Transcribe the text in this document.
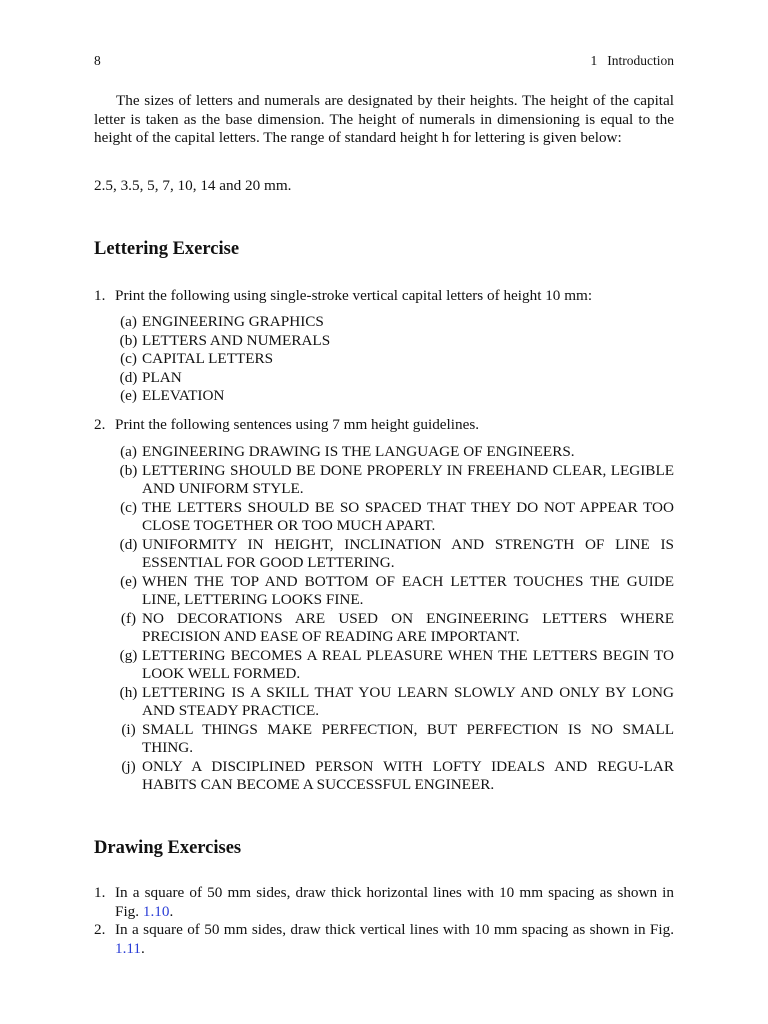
8	1 Introduction
The sizes of letters and numerals are designated by their heights. The height of the capital letter is taken as the base dimension. The height of numerals in dimensioning is equal to the height of the capital letters. The range of standard height h for lettering is given below:
2.5, 3.5, 5, 7, 10, 14 and 20 mm.
Lettering Exercise
1. Print the following using single-stroke vertical capital letters of height 10 mm:
(a) ENGINEERING GRAPHICS
(b) LETTERS AND NUMERALS
(c) CAPITAL LETTERS
(d) PLAN
(e) ELEVATION
2. Print the following sentences using 7 mm height guidelines.
(a) ENGINEERING DRAWING IS THE LANGUAGE OF ENGINEERS.
(b) LETTERING SHOULD BE DONE PROPERLY IN FREEHAND CLEAR, LEGIBLE AND UNIFORM STYLE.
(c) THE LETTERS SHOULD BE SO SPACED THAT THEY DO NOT APPEAR TOO CLOSE TOGETHER OR TOO MUCH APART.
(d) UNIFORMITY IN HEIGHT, INCLINATION AND STRENGTH OF LINE IS ESSENTIAL FOR GOOD LETTERING.
(e) WHEN THE TOP AND BOTTOM OF EACH LETTER TOUCHES THE GUIDE LINE, LETTERING LOOKS FINE.
(f) NO DECORATIONS ARE USED ON ENGINEERING LETTERS WHERE PRECISION AND EASE OF READING ARE IMPORTANT.
(g) LETTERING BECOMES A REAL PLEASURE WHEN THE LETTERS BEGIN TO LOOK WELL FORMED.
(h) LETTERING IS A SKILL THAT YOU LEARN SLOWLY AND ONLY BY LONG AND STEADY PRACTICE.
(i) SMALL THINGS MAKE PERFECTION, BUT PERFECTION IS NO SMALL THING.
(j) ONLY A DISCIPLINED PERSON WITH LOFTY IDEALS AND REGU-LAR HABITS CAN BECOME A SUCCESSFUL ENGINEER.
Drawing Exercises
1. In a square of 50 mm sides, draw thick horizontal lines with 10 mm spacing as shown in Fig. 1.10.
2. In a square of 50 mm sides, draw thick vertical lines with 10 mm spacing as shown in Fig. 1.11.
